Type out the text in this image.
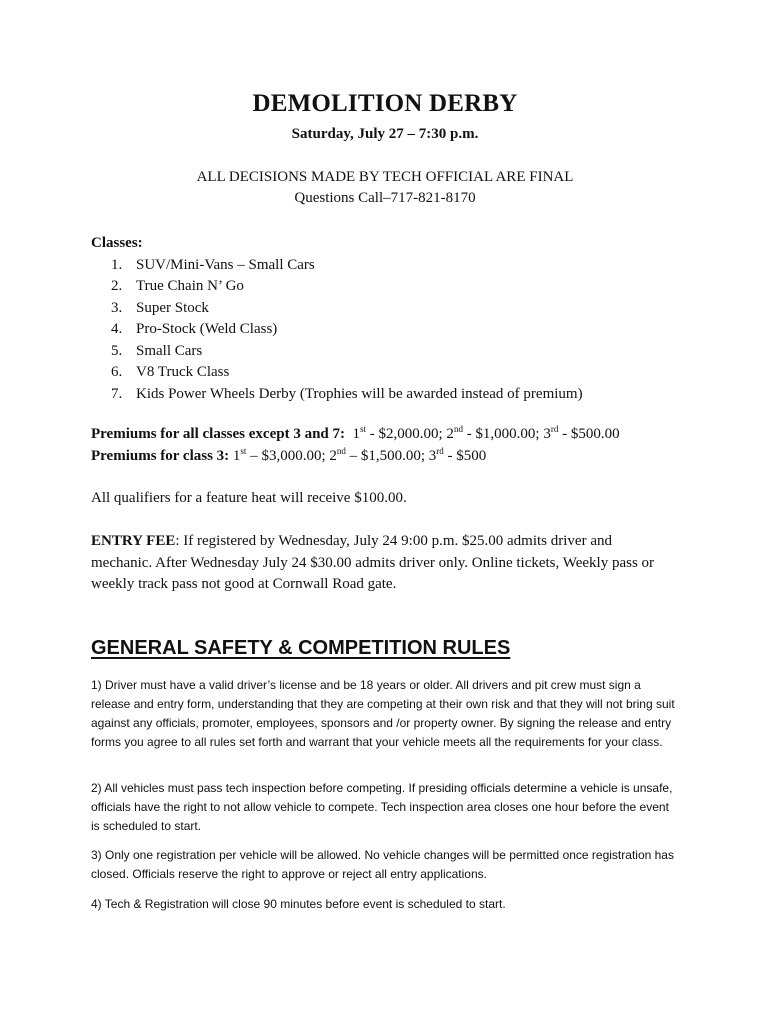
DEMOLITION DERBY
Saturday, July 27 – 7:30 p.m.
ALL DECISIONS MADE BY TECH OFFICIAL ARE FINAL
Questions Call–717-821-8170
Classes:
1. SUV/Mini-Vans – Small Cars
2. True Chain N’ Go
3. Super Stock
4. Pro-Stock (Weld Class)
5. Small Cars
6. V8 Truck Class
7. Kids Power Wheels Derby (Trophies will be awarded instead of premium)
Premiums for all classes except 3 and 7: 1st - $2,000.00; 2nd - $1,000.00; 3rd - $500.00
Premiums for class 3: 1st – $3,000.00; 2nd – $1,500.00; 3rd - $500
All qualifiers for a feature heat will receive $100.00.
ENTRY FEE: If registered by Wednesday, July 24 9:00 p.m. $25.00 admits driver and mechanic. After Wednesday July 24 $30.00 admits driver only. Online tickets, Weekly pass or weekly track pass not good at Cornwall Road gate.
GENERAL SAFETY & COMPETITION RULES
1) Driver must have a valid driver’s license and be 18 years or older. All drivers and pit crew must sign a release and entry form, understanding that they are competing at their own risk and that they will not bring suit against any officials, promoter, employees, sponsors and /or property owner. By signing the release and entry forms you agree to all rules set forth and warrant that your vehicle meets all the requirements for your class.
2) All vehicles must pass tech inspection before competing. If presiding officials determine a vehicle is unsafe, officials have the right to not allow vehicle to compete. Tech inspection area closes one hour before the event is scheduled to start.
3) Only one registration per vehicle will be allowed. No vehicle changes will be permitted once registration has closed. Officials reserve the right to approve or reject all entry applications.
4) Tech & Registration will close 90 minutes before event is scheduled to start.
